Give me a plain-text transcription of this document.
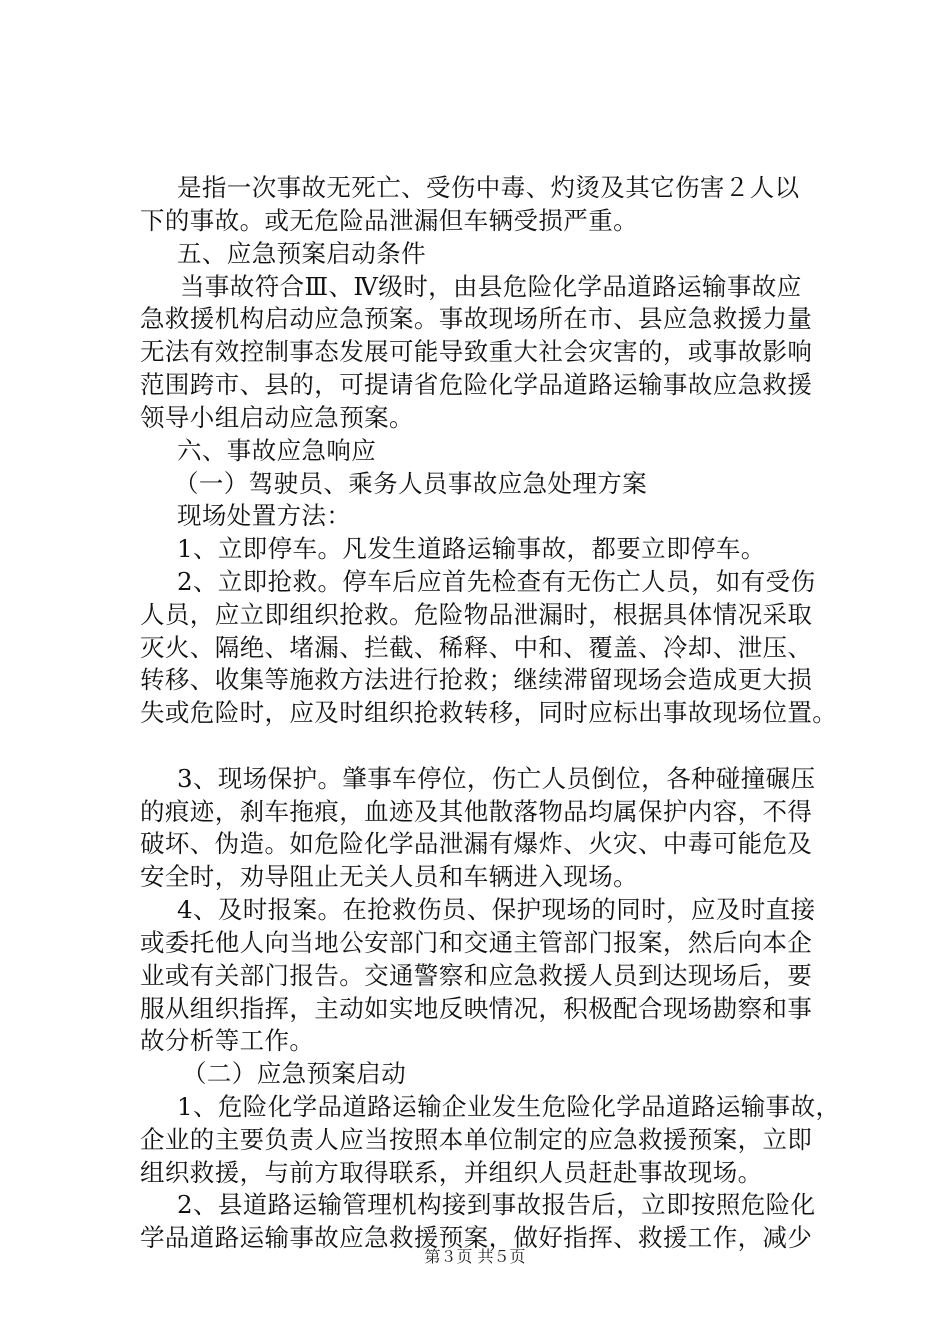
是指一次事故无死亡、受伤中毒、灼烫及其它伤害２人以
下的事故。或无危险品泄漏但车辆受损严重。
五、应急预案启动条件
当事故符合Ⅲ、Ⅳ级时，由县危险化学品道路运输事故应
急救援机构启动应急预案。事故现场所在市、县应急救援力量
无法有效控制事态发展可能导致重大社会灾害的，或事故影响
范围跨市、县的，可提请省危险化学品道路运输事故应急救援
领导小组启动应急预案。
六、事故应急响应
（一）驾驶员、乘务人员事故应急处理方案
现场处置方法：
1、立即停车。凡发生道路运输事故，都要立即停车。
2、立即抢救。停车后应首先检查有无伤亡人员，如有受伤
人员，应立即组织抢救。危险物品泄漏时，根据具体情况采取
灭火、隔绝、堵漏、拦截、稀释、中和、覆盖、冷却、泄压、
转移、收集等施救方法进行抢救；继续滞留现场会造成更大损
失或危险时，应及时组织抢救转移，同时应标出事故现场位置。
3、现场保护。肇事车停位，伤亡人员倒位，各种碰撞碾压
的痕迹，刹车拖痕，血迹及其他散落物品均属保护内容，不得
破坏、伪造。如危险化学品泄漏有爆炸、火灾、中毒可能危及
安全时，劝导阻止无关人员和车辆进入现场。
4、及时报案。在抢救伤员、保护现场的同时，应及时直接
或委托他人向当地公安部门和交通主管部门报案，然后向本企
业或有关部门报告。交通警察和应急救援人员到达现场后，要
服从组织指挥，主动如实地反映情况，积极配合现场勘察和事
故分析等工作。
（二）应急预案启动
1、危险化学品道路运输企业发生危险化学品道路运输事故，
企业的主要负责人应当按照本单位制定的应急救援预案，立即
组织救援，与前方取得联系，并组织人员赶赴事故现场。
2、县道路运输管理机构接到事故报告后，立即按照危险化
学品道路运输事故应急救援预案，做好指挥、救援工作，减少
第３页 共５页
